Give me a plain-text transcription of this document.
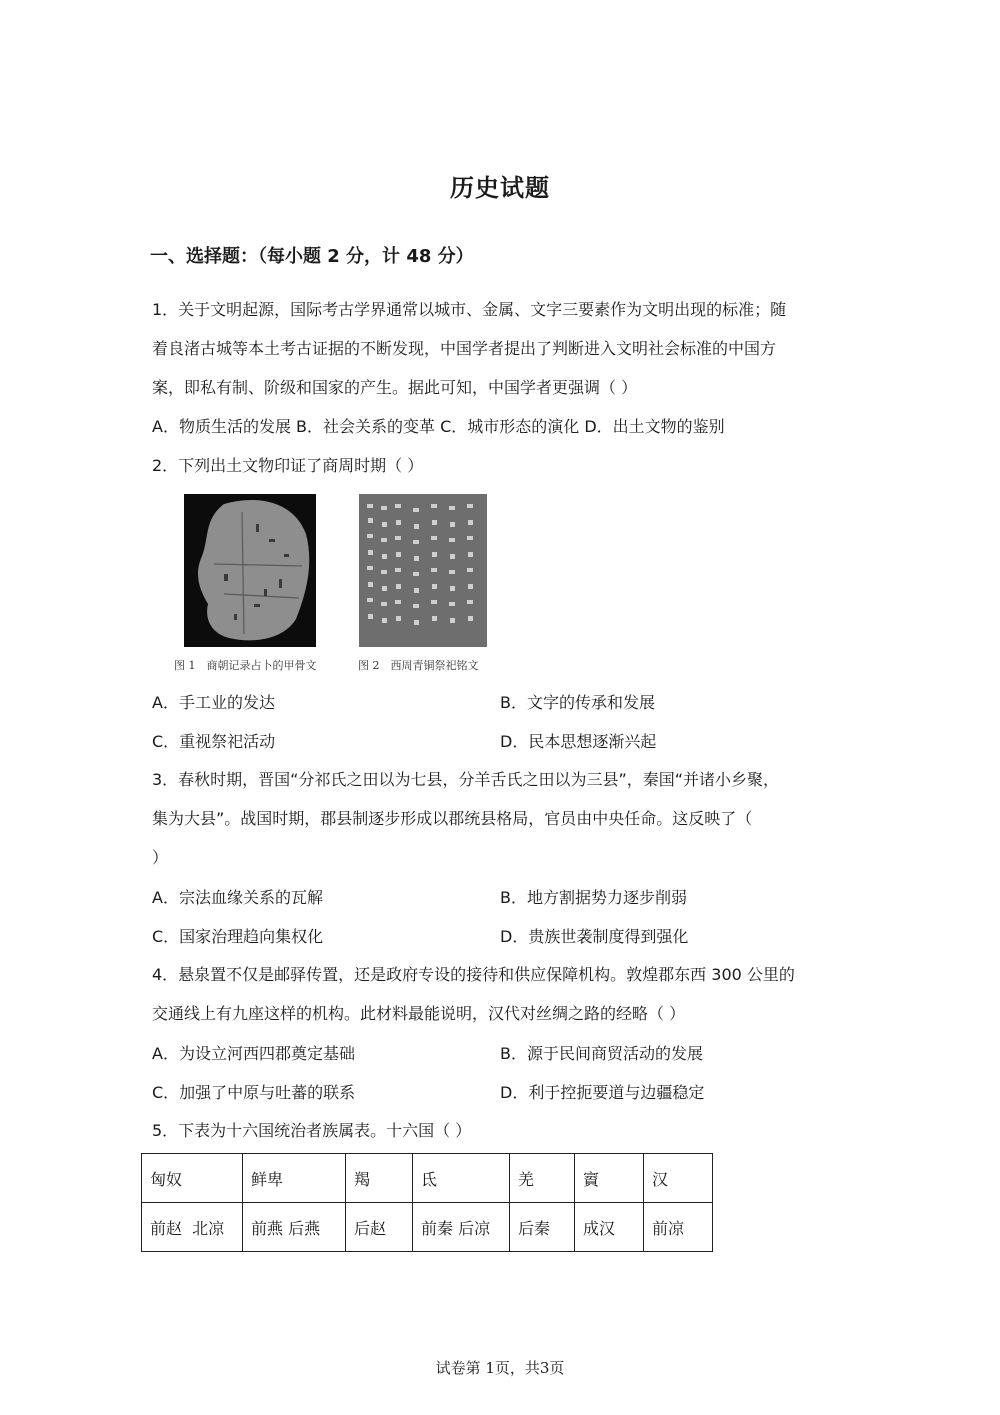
历史试题
一、选择题：（每小题 2 分，计 48 分）
1．关于文明起源，国际考古学界通常以城市、金属、文字三要素作为文明出现的标准；随
着良渚古城等本土考古证据的不断发现，中国学者提出了判断进入文明社会标准的中国方
案，即私有制、阶级和国家的产生。据此可知，中国学者更强调（ ）
A．物质生活的发展 B．社会关系的变革 C．城市形态的演化 D．出土文物的鉴别
2．下列出土文物印证了商周时期（ ）
图 1　商朝记录占卜的甲骨文	图 2　西周青铜祭祀铭文
A．手工业的发达	B．文字的传承和发展
C．重视祭祀活动	D．民本思想逐渐兴起
3．春秋时期，晋国“分祁氏之田以为七县，分羊舌氏之田以为三县”，秦国“并诸小乡聚，
集为大县”。战国时期，郡县制逐步形成以郡统县格局，官员由中央任命。这反映了（
）
A．宗法血缘关系的瓦解	B．地方割据势力逐步削弱
C．国家治理趋向集权化	D．贵族世袭制度得到强化
4．悬泉置不仅是邮驿传置，还是政府专设的接待和供应保障机构。敦煌郡东西 300 公里的
交通线上有九座这样的机构。此材料最能说明，汉代对丝绸之路的经略（ ）
A．为设立河西四郡奠定基础	B．源于民间商贸活动的发展
C．加强了中原与吐蕃的联系	D．利于控扼要道与边疆稳定
5．下表为十六国统治者族属表。十六国（ ）
匈奴	鲜卑	羯	氐	羌	賨	汉
前赵  北凉	前燕 后燕	后赵	前秦 后凉	后秦	成汉	前凉
试卷第 1页，共3页
